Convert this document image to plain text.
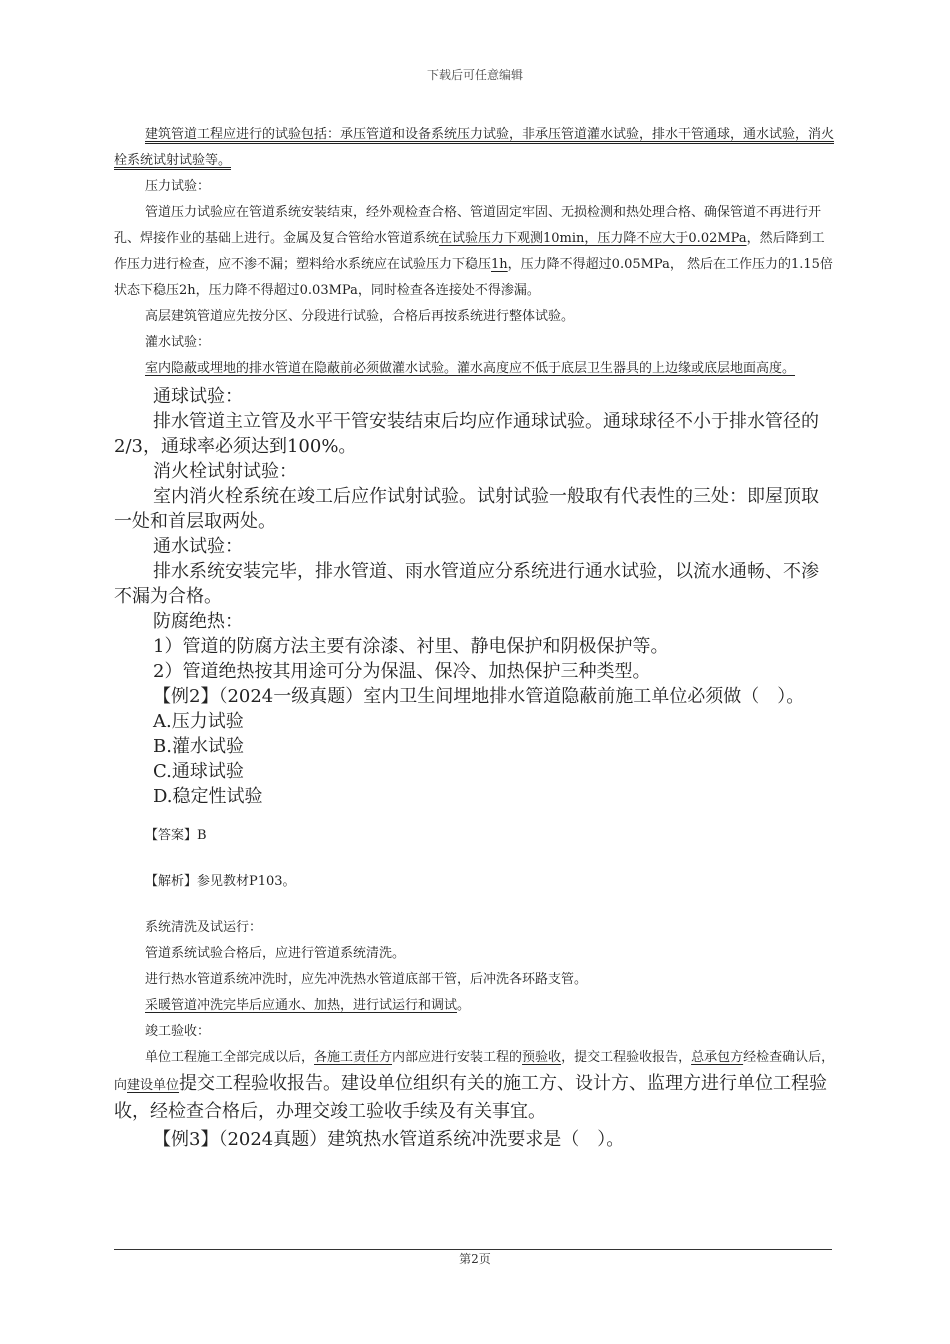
下载后可任意编辑

建筑管道工程应进行的试验包括：承压管道和设备系统压力试验，非承压管道灌水试验，排水干管通球，通水试验，消火栓系统试射试验等。

压力试验：

管道压力试验应在管道系统安装结束，经外观检查合格、管道固定牢固、无损检测和热处理合格、确保管道不再进行开孔、焊接作业的基础上进行。金属及复合管给水管道系统在试验压力下观测10min，压力降不应大于0.02MPa，然后降到工作压力进行检查，应不渗不漏；塑料给水系统应在试验压力下稳压1h，压力降不得超过0.05MPa， 然后在工作压力的1.15倍状态下稳压2h，压力降不得超过0.03MPa，同时检查各连接处不得渗漏。

高层建筑管道应先按分区、分段进行试验，合格后再按系统进行整体试验。

灌水试验：

室内隐蔽或埋地的排水管道在隐蔽前必须做灌水试验。灌水高度应不低于底层卫生器具的上边缘或底层地面高度。

通球试验：

排水管道主立管及水平干管安装结束后均应作通球试验。通球球径不小于排水管径的2/3，通球率必须达到100%。

消火栓试射试验：

室内消火栓系统在竣工后应作试射试验。试射试验一般取有代表性的三处：即屋顶取一处和首层取两处。

通水试验：

排水系统安装完毕，排水管道、雨水管道应分系统进行通水试验，以流水通畅、不渗不漏为合格。

防腐绝热：

1）管道的防腐方法主要有涂漆、衬里、静电保护和阴极保护等。

2）管道绝热按其用途可分为保温、保冷、加热保护三种类型。

【例2】（2024一级真题）室内卫生间埋地排水管道隐蔽前施工单位必须做（　）。

A.压力试验

B.灌水试验

C.通球试验

D.稳定性试验

【答案】B

【解析】参见教材P103。

系统清洗及试运行：

管道系统试验合格后，应进行管道系统清洗。

进行热水管道系统冲洗时，应先冲洗热水管道底部干管，后冲洗各环路支管。

采暖管道冲洗完毕后应通水、加热，进行试运行和调试。

竣工验收：

单位工程施工全部完成以后，各施工责任方内部应进行安装工程的预验收，提交工程验收报告，总承包方经检查确认后，向建设单位提交工程验收报告。建设单位组织有关的施工方、设计方、监理方进行单位工程验收，经检查合格后，办理交竣工验收手续及有关事宜。

【例3】（2024真题）建筑热水管道系统冲洗要求是（　）。

第2页
